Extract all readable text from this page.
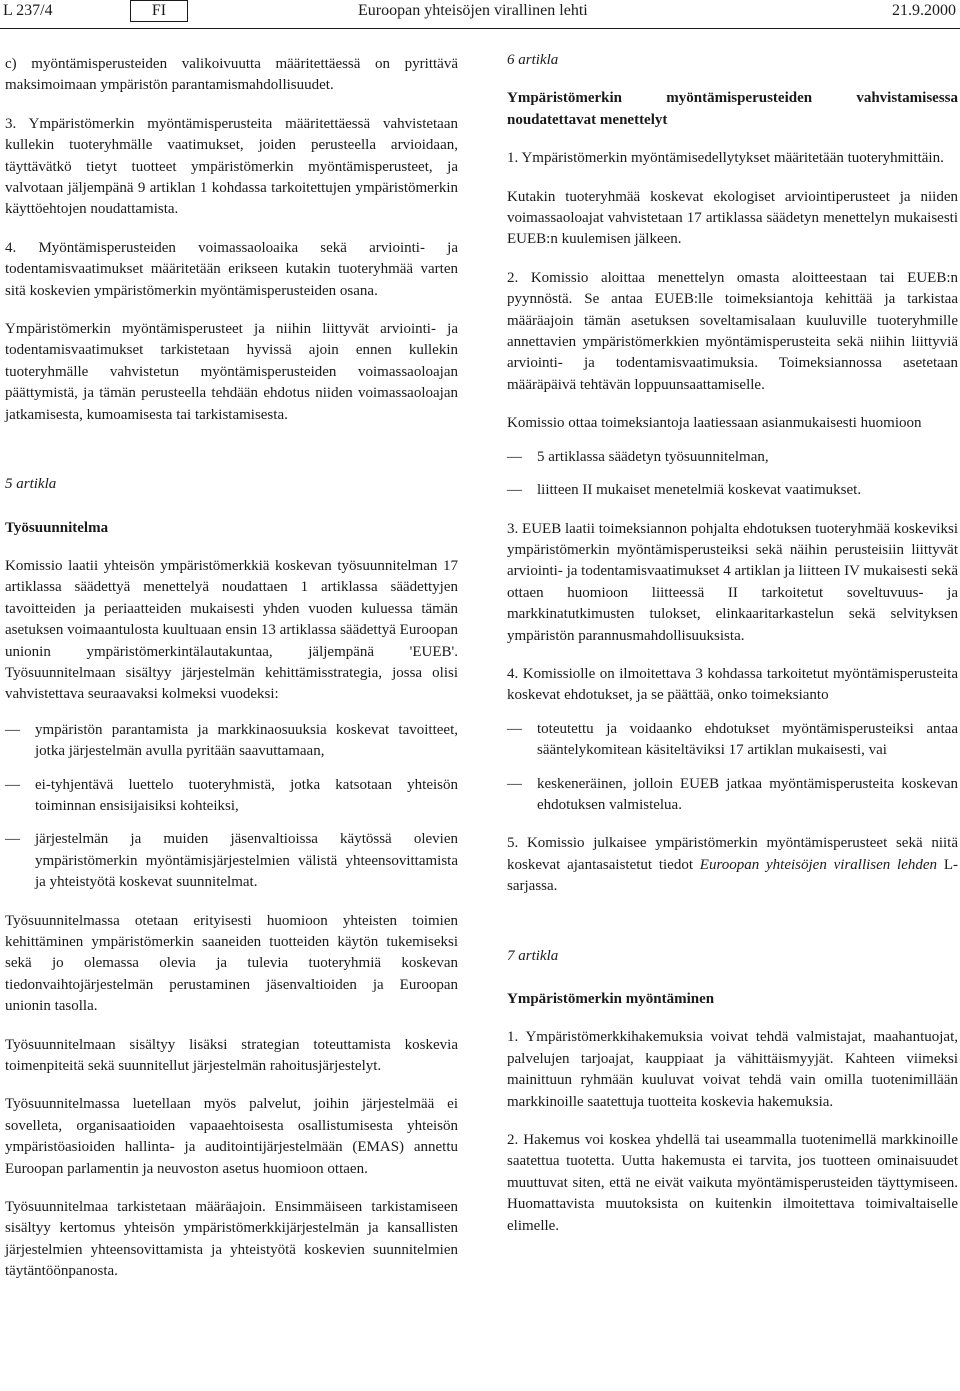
L 237/4	FI	Euroopan yhteisöjen virallinen lehti	21.9.2000

c) myöntämisperusteiden valikoivuutta määritettäessä on pyrittävä maksimoimaan ympäristön parantamismahdollisuudet.

3. Ympäristömerkin myöntämisperusteita määritettäessä vahvistetaan kullekin tuoteryhmälle vaatimukset, joiden perusteella arvioidaan, täyttävätkö tietyt tuotteet ympäristömerkin myöntämisperusteet, ja valvotaan jäljempänä 9 artiklan 1 kohdassa tarkoitettujen ympäristömerkin käyttöehtojen noudattamista.

4. Myöntämisperusteiden voimassaoloaika sekä arviointi- ja todentamisvaatimukset määritetään erikseen kutakin tuoteryhmää varten sitä koskevien ympäristömerkin myöntämisperusteiden osana.

Ympäristömerkin myöntämisperusteet ja niihin liittyvät arviointi- ja todentamisvaatimukset tarkistetaan hyvissä ajoin ennen kullekin tuoteryhmälle vahvistetun myöntämisperusteiden voimassaoloajan päättymistä, ja tämän perusteella tehdään ehdotus niiden voimassaoloajan jatkamisesta, kumoamisesta tai tarkistamisesta.

5 artikla

Työsuunnitelma

Komissio laatii yhteisön ympäristömerkkiä koskevan työsuunnitelman 17 artiklassa säädettyä menettelyä noudattaen 1 artiklassa säädettyjen tavoitteiden ja periaatteiden mukaisesti yhden vuoden kuluessa tämän asetuksen voimaantulosta kuultuaan ensin 13 artiklassa säädettyä Euroopan unionin ympäristömerkintälautakuntaa, jäljempänä 'EUEB'. Työsuunnitelmaan sisältyy järjestelmän kehittämisstrategia, jossa olisi vahvistettava seuraavaksi kolmeksi vuodeksi:

— ympäristön parantamista ja markkinaosuuksia koskevat tavoitteet, jotka järjestelmän avulla pyritään saavuttamaan,
— ei-tyhjentävä luettelo tuoteryhmistä, jotka katsotaan yhteisön toiminnan ensisijaisiksi kohteiksi,
— järjestelmän ja muiden jäsenvaltioissa käytössä olevien ympäristömerkin myöntämisjärjestelmien välistä yhteensovittamista ja yhteistyötä koskevat suunnitelmat.

Työsuunnitelmassa otetaan erityisesti huomioon yhteisten toimien kehittäminen ympäristömerkin saaneiden tuotteiden käytön tukemiseksi sekä jo olemassa olevia ja tulevia tuoteryhmiä koskevan tiedonvaihtojärjestelmän perustaminen jäsenvaltioiden ja Euroopan unionin tasolla.

Työsuunnitelmaan sisältyy lisäksi strategian toteuttamista koskevia toimenpiteitä sekä suunnitellut järjestelmän rahoitusjärjestelyt.

Työsuunnitelmassa luetellaan myös palvelut, joihin järjestelmää ei sovelleta, organisaatioiden vapaaehtoisesta osallistumisesta yhteisön ympäristöasioiden hallinta- ja auditointijärjestelmään (EMAS) annettu Euroopan parlamentin ja neuvoston asetus huomioon ottaen.

Työsuunnitelmaa tarkistetaan määräajoin. Ensimmäiseen tarkistamiseen sisältyy kertomus yhteisön ympäristömerkkijärjestelmän ja kansallisten järjestelmien yhteensovittamista ja yhteistyötä koskevien suunnitelmien täytäntöönpanosta.

6 artikla

Ympäristömerkin myöntämisperusteiden vahvistamisessa noudatettavat menettelyt

1. Ympäristömerkin myöntämisedellytykset määritetään tuoteryhmittäin.

Kutakin tuoteryhmää koskevat ekologiset arviointiperusteet ja niiden voimassaoloajat vahvistetaan 17 artiklassa säädetyn menettelyn mukaisesti EUEB:n kuulemisen jälkeen.

2. Komissio aloittaa menettelyn omasta aloitteestaan tai EUEB:n pyynnöstä. Se antaa EUEB:lle toimeksiantoja kehittää ja tarkistaa määräajoin tämän asetuksen soveltamisalaan kuuluville tuoteryhmille annettavien ympäristömerkkien myöntämisperusteita sekä niihin liittyviä arviointi- ja todentamisvaatimuksia. Toimeksiannossa asetetaan määräpäivä tehtävän loppuunsaattamiselle.

Komissio ottaa toimeksiantoja laatiessaan asianmukaisesti huomioon

— 5 artiklassa säädetyn työsuunnitelman,
— liitteen II mukaiset menetelmiä koskevat vaatimukset.

3. EUEB laatii toimeksiannon pohjalta ehdotuksen tuoteryhmää koskeviksi ympäristömerkin myöntämisperusteiksi sekä näihin perusteisiin liittyvät arviointi- ja todentamisvaatimukset 4 artiklan ja liitteen IV mukaisesti sekä ottaen huomioon liitteessä II tarkoitetut soveltuvuus- ja markkinatutkimusten tulokset, elinkaaritarkastelun sekä selvityksen ympäristön parannusmahdollisuuksista.

4. Komissiolle on ilmoitettava 3 kohdassa tarkoitetut myöntämisperusteita koskevat ehdotukset, ja se päättää, onko toimeksianto

— toteutettu ja voidaanko ehdotukset myöntämisperusteiksi antaa sääntelykomitean käsiteltäviksi 17 artiklan mukaisesti, vai
— keskeneräinen, jolloin EUEB jatkaa myöntämisperusteita koskevan ehdotuksen valmistelua.

5. Komissio julkaisee ympäristömerkin myöntämisperusteet sekä niitä koskevat ajantasaistetut tiedot Euroopan yhteisöjen virallisen lehden L-sarjassa.

7 artikla

Ympäristömerkin myöntäminen

1. Ympäristömerkkihakemuksia voivat tehdä valmistajat, maahantuojat, palvelujen tarjoajat, kauppiaat ja vähittäismyyjät. Kahteen viimeksi mainittuun ryhmään kuuluvat voivat tehdä vain omilla tuotenimillään markkinoille saatettuja tuotteita koskevia hakemuksia.

2. Hakemus voi koskea yhdellä tai useammalla tuotenimellä markkinoille saatettua tuotetta. Uutta hakemusta ei tarvita, jos tuotteen ominaisuudet muuttuvat siten, että ne eivät vaikuta myöntämisperusteiden täyttymiseen. Huomattavista muutoksista on kuitenkin ilmoitettava toimivaltaiselle elimelle.
